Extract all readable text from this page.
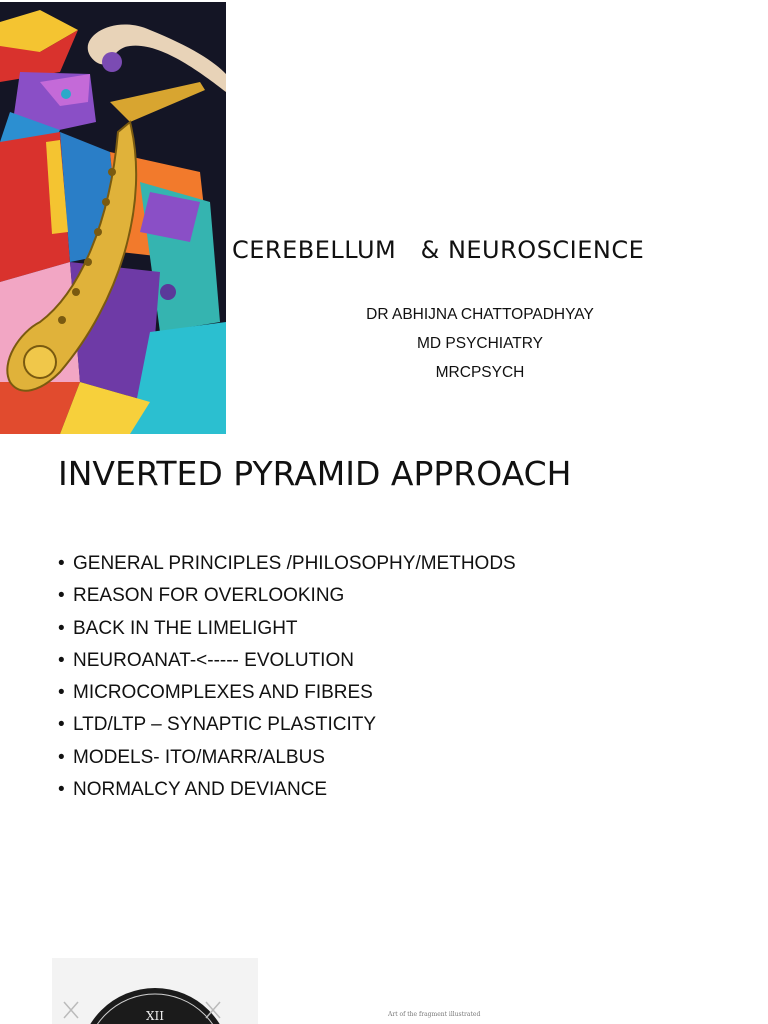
CEREBELLUM   & NEUROSCIENCE
DR ABHIJNA CHATTOPADHYAY
MD PSYCHIATRY
MRCPSYCH
INVERTED PYRAMID APPROACH
• GENERAL PRINCIPLES /PHILOSOPHY/METHODS
• REASON FOR OVERLOOKING
• BACK IN THE LIMELIGHT
• NEUROANAT-<----- EVOLUTION
• MICROCOMPLEXES AND FIBRES
• LTD/LTP – SYNAPTIC PLASTICITY
• MODELS- ITO/MARR/ALBUS
• NORMALCY AND DEVIANCE
XII	Art of the fragment illustrated
